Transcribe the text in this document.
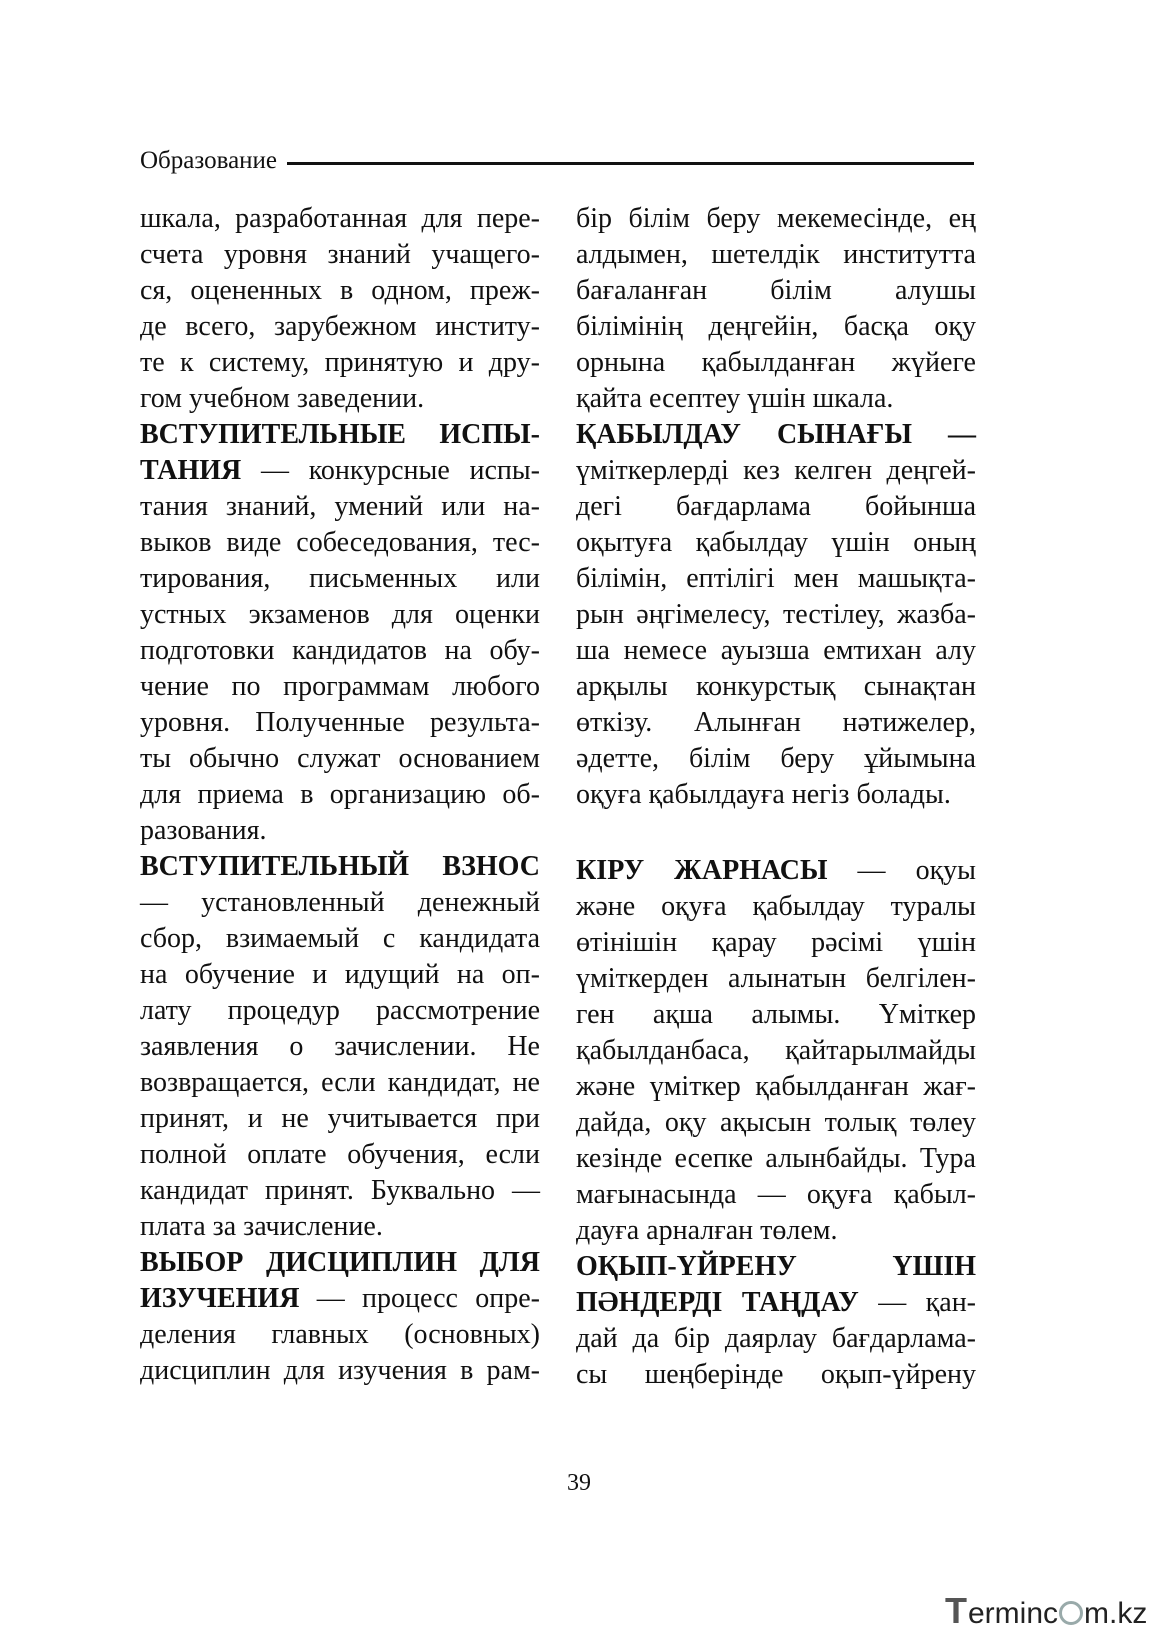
Образование
шкала, разработанная для пере-
счета уровня знаний учащего-
ся, оцененных в одном, преж-
де всего, зарубежном институ-
те к систему, принятую и дру-
гом учебном заведении.
ВСТУПИТЕЛЬНЫЕ ИСПЫ-
ТАНИЯ — конкурсные испы-
тания знаний, умений или на-
выков виде собеседования, тес-
тирования, письменных или
устных экзаменов для оценки
подготовки кандидатов на обу-
чение по программам любого
уровня. Полученные результа-
ты обычно служат основанием
для приема в организацию об-
разования.
ВСТУПИТЕЛЬНЫЙ ВЗНОС
— установленный денежный
сбор, взимаемый с кандидата
на обучение и идущий на оп-
лату процедур рассмотрение
заявления о зачислении. Не
возвращается, если кандидат, не
принят, и не учитывается при
полной оплате обучения, если
кандидат принят. Буквально —
плата за зачисление.
ВЫБОР ДИСЦИПЛИН ДЛЯ
ИЗУЧЕНИЯ — процесс опре-
деления главных (основных)
дисциплин для изучения в рам-
бір білім беру мекемесінде, ең
алдымен, шетелдік институтта
бағаланған білім алушы
білімінің деңгейін, басқа оқу
орнына қабылданған жүйеге
қайта есептеу үшін шкала.
ҚАБЫЛДАУ СЫНАҒЫ —
үміткерлерді кез келген деңгей-
дегі бағдарлама бойынша
оқытуға қабылдау үшін оның
білімін, ептілігі мен машықта-
рын әңгімелесу, тестілеу, жазба-
ша немесе ауызша емтихан алу
арқылы конкурстық сынақтан
өткізу. Алынған нәтижелер,
әдетте, білім беру ұйымына
оқуға қабылдауға негіз болады.
КІРУ ЖАРНАСЫ — оқуы
және оқуға қабылдау туралы
өтінішін қарау рәсімі үшін
үміткерден алынатын белгілен-
ген ақша алымы. Үміткер
қабылданбаса, қайтарылмайды
және үміткер қабылданған жағ-
дайда, оқу ақысын толық төлеу
кезінде есепке алынбайды. Тура
мағынасында — оқуға қабыл-
дауға арналған төлем.
ОҚЫП-ҮЙРЕНУ ҮШІН
ПӘНДЕРДІ ТАҢДАУ — қан-
дай да бір даярлау бағдарлама-
сы шеңберінде оқып-үйрену
39
Terminc m.kz
